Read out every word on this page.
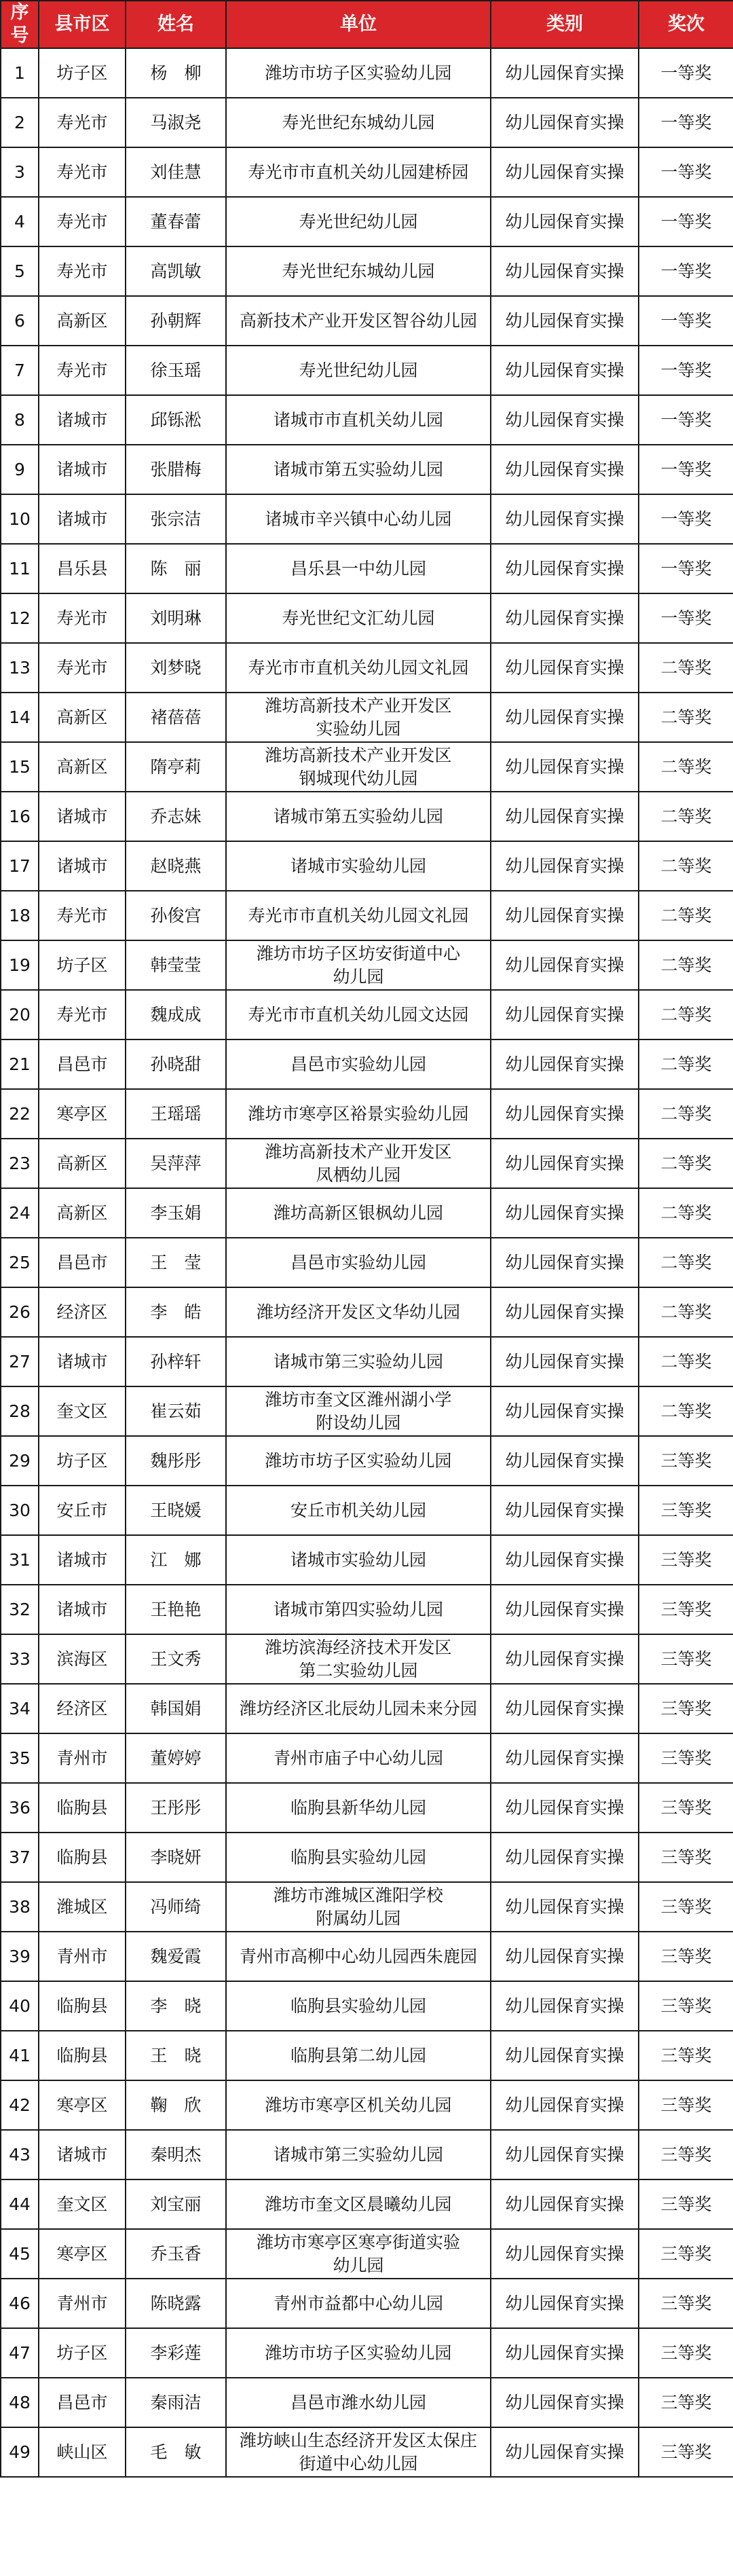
序号	县市区	姓名	单位	类别	奖次
1	坊子区	杨　柳	潍坊市坊子区实验幼儿园	幼儿园保育实操	一等奖
2	寿光市	马淑尧	寿光世纪东城幼儿园	幼儿园保育实操	一等奖
3	寿光市	刘佳慧	寿光市市直机关幼儿园建桥园	幼儿园保育实操	一等奖
4	寿光市	董春蕾	寿光世纪幼儿园	幼儿园保育实操	一等奖
5	寿光市	高凯敏	寿光世纪东城幼儿园	幼儿园保育实操	一等奖
6	高新区	孙朝辉	高新技术产业开发区智谷幼儿园	幼儿园保育实操	一等奖
7	寿光市	徐玉瑶	寿光世纪幼儿园	幼儿园保育实操	一等奖
8	诸城市	邱铄淞	诸城市市直机关幼儿园	幼儿园保育实操	一等奖
9	诸城市	张腊梅	诸城市第五实验幼儿园	幼儿园保育实操	一等奖
10	诸城市	张宗洁	诸城市辛兴镇中心幼儿园	幼儿园保育实操	一等奖
11	昌乐县	陈　丽	昌乐县一中幼儿园	幼儿园保育实操	一等奖
12	寿光市	刘明琳	寿光世纪文汇幼儿园	幼儿园保育实操	一等奖
13	寿光市	刘梦晓	寿光市市直机关幼儿园文礼园	幼儿园保育实操	二等奖
14	高新区	褚蓓蓓	潍坊高新技术产业开发区
实验幼儿园	幼儿园保育实操	二等奖
15	高新区	隋亭莉	潍坊高新技术产业开发区
钢城现代幼儿园	幼儿园保育实操	二等奖
16	诸城市	乔志妹	诸城市第五实验幼儿园	幼儿园保育实操	二等奖
17	诸城市	赵晓燕	诸城市实验幼儿园	幼儿园保育实操	二等奖
18	寿光市	孙俊宫	寿光市市直机关幼儿园文礼园	幼儿园保育实操	二等奖
19	坊子区	韩莹莹	潍坊市坊子区坊安街道中心
幼儿园	幼儿园保育实操	二等奖
20	寿光市	魏成成	寿光市市直机关幼儿园文达园	幼儿园保育实操	二等奖
21	昌邑市	孙晓甜	昌邑市实验幼儿园	幼儿园保育实操	二等奖
22	寒亭区	王瑶瑶	潍坊市寒亭区裕景实验幼儿园	幼儿园保育实操	二等奖
23	高新区	吴萍萍	潍坊高新技术产业开发区
凤栖幼儿园	幼儿园保育实操	二等奖
24	高新区	李玉娟	潍坊高新区银枫幼儿园	幼儿园保育实操	二等奖
25	昌邑市	王　莹	昌邑市实验幼儿园	幼儿园保育实操	二等奖
26	经济区	李　皓	潍坊经济开发区文华幼儿园	幼儿园保育实操	二等奖
27	诸城市	孙梓轩	诸城市第三实验幼儿园	幼儿园保育实操	二等奖
28	奎文区	崔云茹	潍坊市奎文区潍州湖小学
附设幼儿园	幼儿园保育实操	二等奖
29	坊子区	魏彤彤	潍坊市坊子区实验幼儿园	幼儿园保育实操	三等奖
30	安丘市	王晓媛	安丘市机关幼儿园	幼儿园保育实操	三等奖
31	诸城市	江　娜	诸城市实验幼儿园	幼儿园保育实操	三等奖
32	诸城市	王艳艳	诸城市第四实验幼儿园	幼儿园保育实操	三等奖
33	滨海区	王文秀	潍坊滨海经济技术开发区
第二实验幼儿园	幼儿园保育实操	三等奖
34	经济区	韩国娟	潍坊经济区北辰幼儿园未来分园	幼儿园保育实操	三等奖
35	青州市	董婷婷	青州市庙子中心幼儿园	幼儿园保育实操	三等奖
36	临朐县	王彤彤	临朐县新华幼儿园	幼儿园保育实操	三等奖
37	临朐县	李晓妍	临朐县实验幼儿园	幼儿园保育实操	三等奖
38	潍城区	冯师绮	潍坊市潍城区潍阳学校
附属幼儿园	幼儿园保育实操	三等奖
39	青州市	魏爱霞	青州市高柳中心幼儿园西朱鹿园	幼儿园保育实操	三等奖
40	临朐县	李　晓	临朐县实验幼儿园	幼儿园保育实操	三等奖
41	临朐县	王　晓	临朐县第二幼儿园	幼儿园保育实操	三等奖
42	寒亭区	鞠　欣	潍坊市寒亭区机关幼儿园	幼儿园保育实操	三等奖
43	诸城市	秦明杰	诸城市第三实验幼儿园	幼儿园保育实操	三等奖
44	奎文区	刘宝丽	潍坊市奎文区晨曦幼儿园	幼儿园保育实操	三等奖
45	寒亭区	乔玉香	潍坊市寒亭区寒亭街道实验
幼儿园	幼儿园保育实操	三等奖
46	青州市	陈晓露	青州市益都中心幼儿园	幼儿园保育实操	三等奖
47	坊子区	李彩莲	潍坊市坊子区实验幼儿园	幼儿园保育实操	三等奖
48	昌邑市	秦雨洁	昌邑市潍水幼儿园	幼儿园保育实操	三等奖
49	峡山区	毛　敏	潍坊峡山生态经济开发区太保庄
街道中心幼儿园	幼儿园保育实操	三等奖
